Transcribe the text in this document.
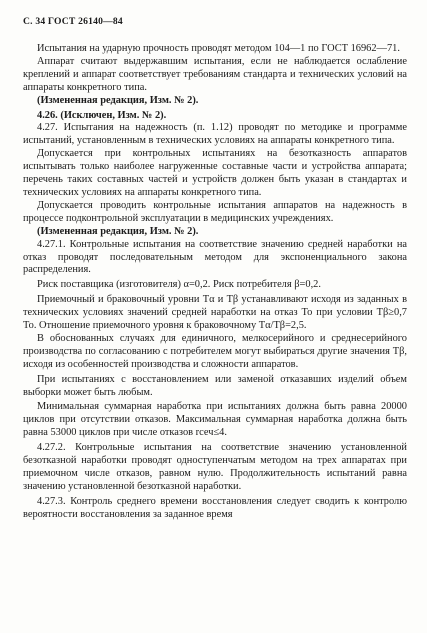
С. 34 ГОСТ 26140—84

Испытания на ударную прочность проводят методом 104—1 по ГОСТ 16962—71.

Аппарат считают выдержавшим испытания, если не наблюдается ослабление креплений и аппарат соответствует требованиям стандарта и технических условий на аппараты конкретного типа.

(Измененная редакция, Изм. № 2).

4.26. (Исключен, Изм. № 2).

4.27. Испытания на надежность (п. 1.12) проводят по методике и программе испытаний, установленным в технических условиях на аппараты конкретного типа.

Допускается при контрольных испытаниях на безотказность аппаратов испытывать только наиболее нагруженные составные части и устройства аппарата; перечень таких составных частей и устройств должен быть указан в стандартах и технических условиях на аппараты конкретного типа.

Допускается проводить контрольные испытания аппаратов на надежность в процессе подконтрольной эксплуатации в медицинских учреждениях.

(Измененная редакция, Изм. № 2).

4.27.1. Контрольные испытания на соответствие значению средней наработки на отказ проводят последовательным методом для экспоненциального закона распределения.

Риск поставщика (изготовителя) α=0,2. Риск потребителя β=0,2.

Приемочный и браковочный уровни Tα и Tβ устанавливают исходя из заданных в технических условиях значений средней наработки на отказ To при условии Tβ≥0,7 To. Отношение приемочного уровня к браковочному Tα/Tβ=2,5.

В обоснованных случаях для единичного, мелкосерийного и среднесерийного производства по согласованию с потребителем могут выбираться другие значения Tβ, исходя из особенностей производства и сложности аппаратов.

При испытаниях с восстановлением или заменой отказавших изделий объем выборки может быть любым.

Минимальная суммарная наработка при испытаниях должна быть равна 20000 циклов при отсутствии отказов. Максимальная суммарная наработка должна быть равна 53000 циклов при числе отказов rсеч≤4.

4.27.2. Контрольные испытания на соответствие значению установленной безотказной наработки проводят одноступенчатым методом на трех аппаратах при приемочном числе отказов, равном нулю. Продолжительность испытаний равна значению установленной безотказной наработки.

4.27.3. Контроль среднего времени восстановления следует сводить к контролю вероятности восстановления за заданное время
